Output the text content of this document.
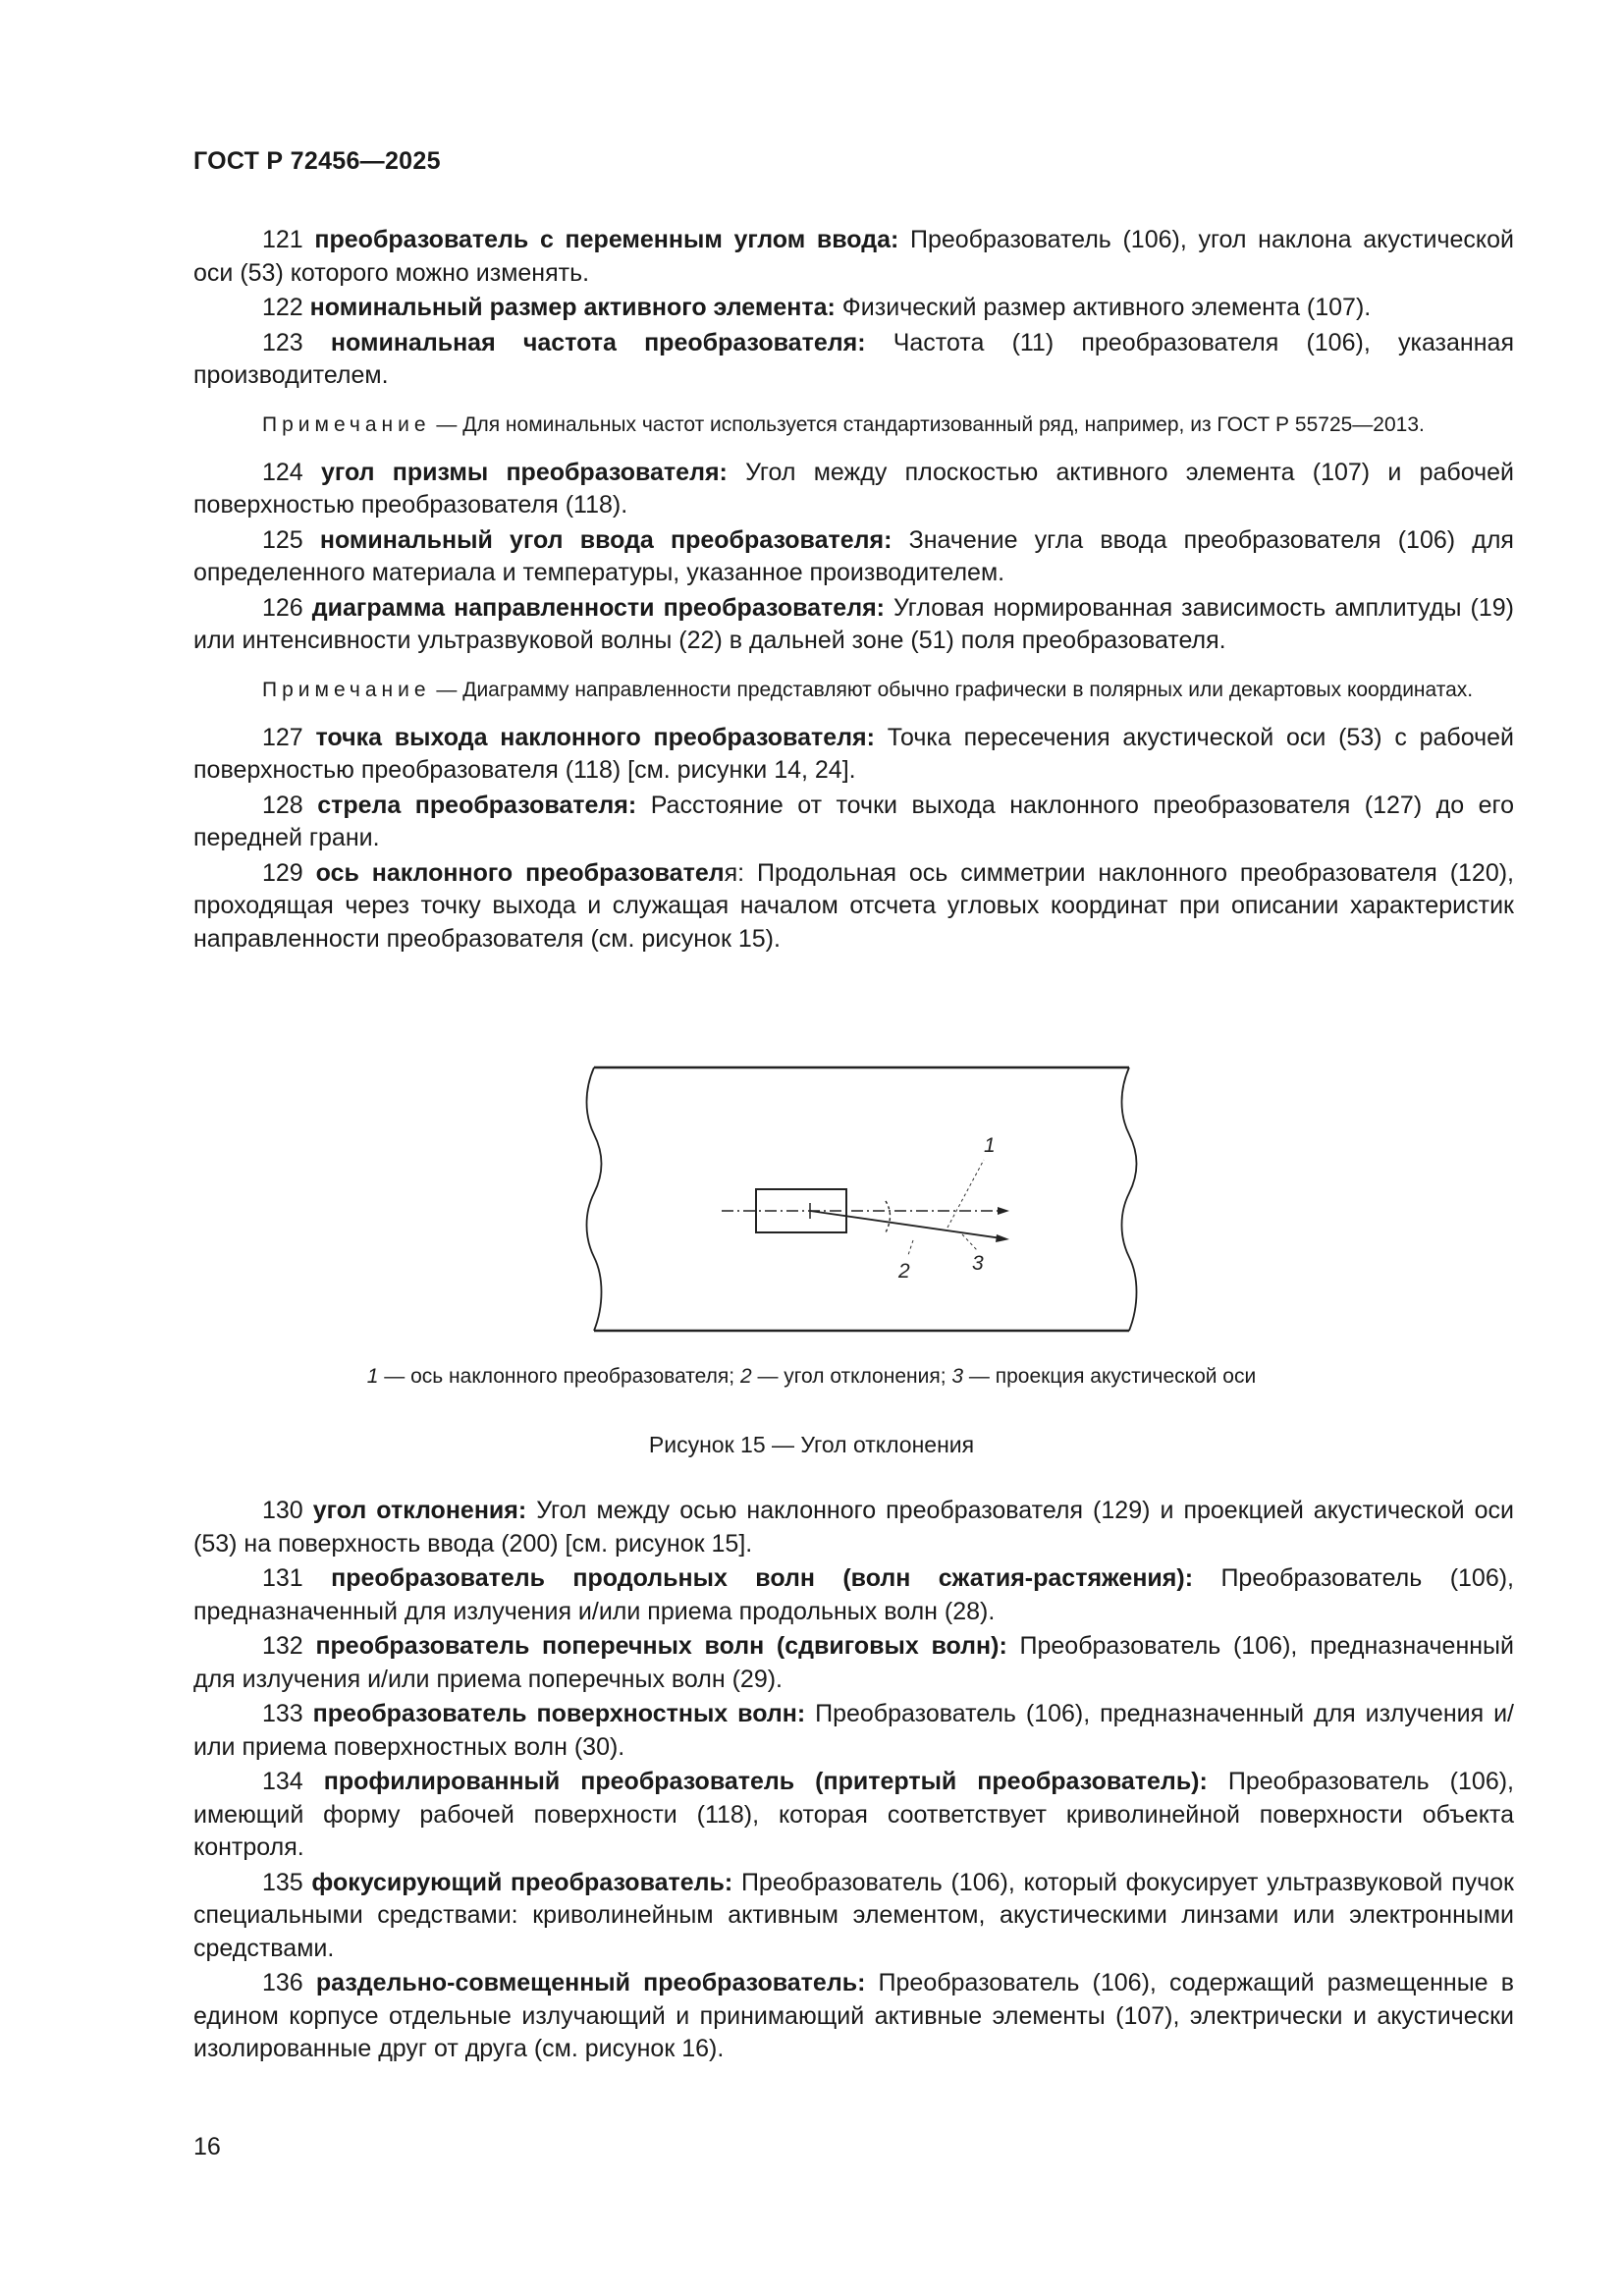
ГОСТ Р 72456—2025

121 преобразователь с переменным углом ввода: Преобразователь (106), угол наклона акустической оси (53) которого можно изменять.

122 номинальный размер активного элемента: Физический размер активного элемента (107).

123 номинальная частота преобразователя: Частота (11) преобразователя (106), указанная производителем.

Примечание — Для номинальных частот используется стандартизованный ряд, например, из ГОСТ Р 55725—2013.

124 угол призмы преобразователя: Угол между плоскостью активного элемента (107) и рабочей поверхностью преобразователя (118).

125 номинальный угол ввода преобразователя: Значение угла ввода преобразователя (106) для определенного материала и температуры, указанное производителем.

126 диаграмма направленности преобразователя: Угловая нормированная зависимость амплитуды (19) или интенсивности ультразвуковой волны (22) в дальней зоне (51) поля преобразователя.

Примечание — Диаграмму направленности представляют обычно графически в полярных или декартовых координатах.

127 точка выхода наклонного преобразователя: Точка пересечения акустической оси (53) с рабочей поверхностью преобразователя (118) [см. рисунки 14, 24].

128 стрела преобразователя: Расстояние от точки выхода наклонного преобразователя (127) до его передней грани.

129 ось наклонного преобразователя: Продольная ось симметрии наклонного преобразователя (120), проходящая через точку выхода и служащая началом отсчета угловых координат при описании характеристик направленности преобразователя (см. рисунок 15).

1
2	3
1 — ось наклонного преобразователя; 2 — угол отклонения; 3 — проекция акустической оси
Рисунок 15 — Угол отклонения

130 угол отклонения: Угол между осью наклонного преобразователя (129) и проекцией акустической оси (53) на поверхность ввода (200) [см. рисунок 15].

131 преобразователь продольных волн (волн сжатия-растяжения): Преобразователь (106), предназначенный для излучения и/или приема продольных волн (28).

132 преобразователь поперечных волн (сдвиговых волн): Преобразователь (106), предназначенный для излучения и/или приема поперечных волн (29).

133 преобразователь поверхностных волн: Преобразователь (106), предназначенный для излучения и/или приема поверхностных волн (30).

134 профилированный преобразователь (притертый преобразователь): Преобразователь (106), имеющий форму рабочей поверхности (118), которая соответствует криволинейной поверхности объекта контроля.

135 фокусирующий преобразователь: Преобразователь (106), который фокусирует ультразвуковой пучок специальными средствами: криволинейным активным элементом, акустическими линзами или электронными средствами.

136 раздельно-совмещенный преобразователь: Преобразователь (106), содержащий размещенные в едином корпусе отдельные излучающий и принимающий активные элементы (107), электрически и акустически изолированные друг от друга (см. рисунок 16).

16
